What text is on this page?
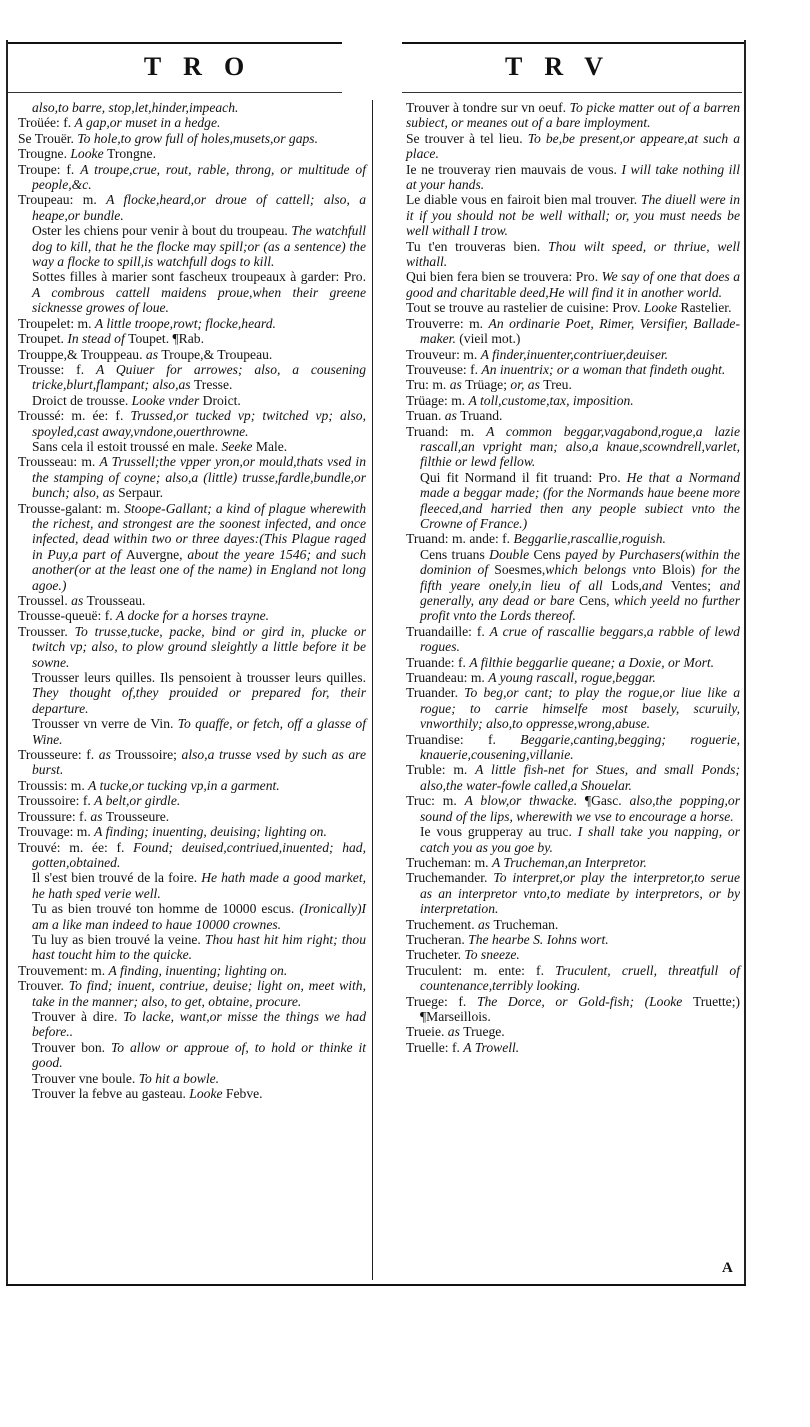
TRO	TRV

also,to barre, stop,let,hinder,impeach.

Troüée: f. A gap,or muset in a hedge.

Se Trouër. To hole,to grow full of holes,musets,or gaps.

Trougne. Looke Trongne.

Troupe: f. A troupe,crue, rout, rable, throng, or multitude of people,&c.

Troupeau: m. A flocke,heard,or droue of cattell; also, a heape,or bundle.

Oster les chiens pour venir à bout du troupeau. The watchfull dog to kill, that he the flocke may spill;or (as a sentence) the way a flocke to spill,is watchfull dogs to kill.

Sottes filles à marier sont fascheux troupeaux à garder: Pro. A combrous cattell maidens proue,when their greene sicknesse growes of loue.

Troupelet: m. A little troope,rowt; flocke,heard.

Troupet. In stead of Toupet. ¶Rab.

Trouppe,& Trouppeau. as Troupe,& Troupeau.

Trousse: f. A Quiuer for arrowes; also, a cousening tricke,blurt,flampant; also,as Tresse.

Droict de trousse. Looke vnder Droict.

Troussé: m. ée: f. Trussed,or tucked vp; twitched vp; also, spoyled,cast away,vndone,ouerthrowne.

Sans cela il estoit troussé en male. Seeke Male.

Trousseau: m. A Trussell;the vpper yron,or mould,thats vsed in the stamping of coyne; also,a (little) trusse,fardle,bundle,or bunch; also, as Serpaur.

Trousse-galant: m. Stoope-Gallant; a kind of plague wherewith the richest, and strongest are the soonest infected, and once infected, dead within two or three dayes:(This Plague raged in Puy,a part of Auvergne, about the yeare 1546; and such another(or at the least one of the name) in England not long agoe.)

Troussel. as Trousseau.

Trousse-queuë: f. A docke for a horses trayne.

Trousser. To trusse,tucke, packe, bind or gird in, plucke or twitch vp; also, to plow ground sleightly a little before it be sowne.

Trousser leurs quilles. Ils pensoient à trousser leurs quilles. They thought of,they prouided or prepared for, their departure.

Trousser vn verre de Vin. To quaffe, or fetch, off a glasse of Wine.

Trousseure: f. as Troussoire; also,a trusse vsed by such as are burst.

Troussis: m. A tucke,or tucking vp,in a garment.

Troussoire: f. A belt,or girdle.

Troussure: f. as Trousseure.

Trouvage: m. A finding; inuenting, deuising; lighting on.

Trouvé: m. ée: f. Found; deuised,contriued,inuented; had, gotten,obtained.

Il s'est bien trouvé de la foire. He hath made a good market, he hath sped verie well.

Tu as bien trouvé ton homme de 10000 escus. (Ironically)I am a like man indeed to haue 10000 crownes.

Tu luy as bien trouvé la veine. Thou hast hit him right; thou hast toucht him to the quicke.

Trouvement: m. A finding, inuenting; lighting on.

Trouver. To find; inuent, contriue, deuise; light on, meet with, take in the manner; also, to get, obtaine, procure.

Trouver à dire. To lacke, want,or misse the things we had before..

Trouver bon. To allow or approue of, to hold or thinke it good.

Trouver vne boule. To hit a bowle.

Trouver la febve au gasteau. Looke Febve.

Trouver à tondre sur vn oeuf. To picke matter out of a barren subiect, or meanes out of a bare imployment.

Se trouver à tel lieu. To be,be present,or appeare,at such a place.

Ie ne trouveray rien mauvais de vous. I will take nothing ill at your hands.

Le diable vous en fairoit bien mal trouver. The diuell were in it if you should not be well withall; or, you must needs be well withall I trow.

Tu t'en trouveras bien. Thou wilt speed, or thriue, well withall.

Qui bien fera bien se trouvera: Pro. We say of one that does a good and charitable deed,He will find it in another world.

Tout se trouve au rastelier de cuisine: Prov. Looke Rastelier.

Trouverre: m. An ordinarie Poet, Rimer, Versifier, Ballade-maker. (vieil mot.)

Trouveur: m. A finder,inuenter,contriuer,deuiser.

Trouveuse: f. An inuentrix; or a woman that findeth ought.

Tru: m. as Trüage; or, as Treu.

Trüage: m. A toll,custome,tax, imposition.

Truan. as Truand.

Truand: m. A common beggar,vagabond,rogue,a lazie rascall,an vpright man; also,a knaue,scowndrell,varlet, filthie or lewd fellow.

Qui fit Normand il fit truand: Pro. He that a Normand made a beggar made; (for the Normands haue beene more fleeced,and harried then any people subiect vnto the Crowne of France.)

Truand: m. ande: f. Beggarlie,rascallie,roguish.

Cens truans Double Cens payed by Purchasers(within the dominion of Soesmes,which belongs vnto Blois) for the fifth yeare onely,in lieu of all Lods,and Ventes; and generally, any dead or bare Cens, which yeeld no further profit vnto the Lords thereof.

Truandaille: f. A crue of rascallie beggars,a rabble of lewd rogues.

Truande: f. A filthie beggarlie queane; a Doxie, or Mort.

Truandeau: m. A young rascall, rogue,beggar.

Truander. To beg,or cant; to play the rogue,or liue like a rogue; to carrie himselfe most basely, scuruily, vnworthily; also,to oppresse,wrong,abuse.

Truandise: f. Beggarie,canting,begging; roguerie, knauerie,cousening,villanie.

Truble: m. A little fish-net for Stues, and small Ponds; also,the water-fowle called,a Shouelar.

Truc: m. A blow,or thwacke. ¶Gasc. also,the popping,or sound of the lips, wherewith we vse to encourage a horse.

Ie vous grupperay au truc. I shall take you napping, or catch you as you goe by.

Trucheman: m. A Trucheman,an Interpretor.

Truchemander. To interpret,or play the interpretor,to serue as an interpretor vnto,to mediate by interpretors, or by interpretation.

Truchement. as Trucheman.

Trucheran. The hearbe S. Iohns wort.

Trucheter. To sneeze.

Truculent: m. ente: f. Truculent, cruell, threatfull of countenance,terribly looking.

Truege: f. The Dorce, or Gold-fish; (Looke Truette;) ¶Marseillois.

Trueie. as Truege.

Truelle: f. A Trowell.

A
